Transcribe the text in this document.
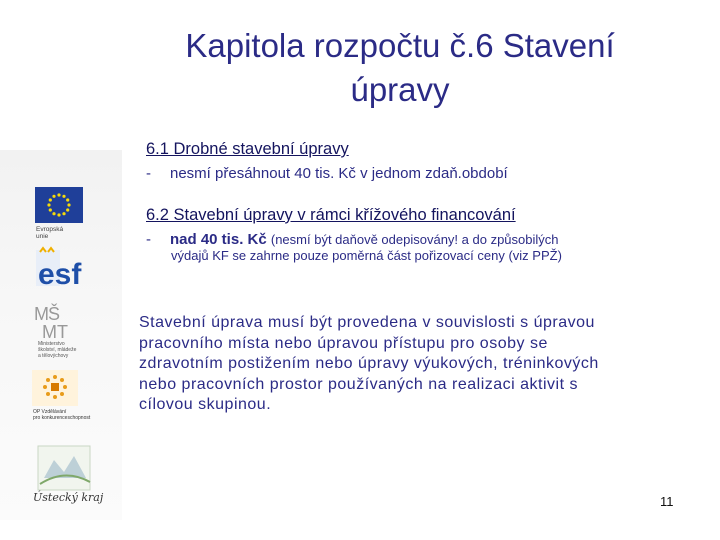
Kapitola rozpočtu č.6 Stavení
úpravy
Evropská
unie
esf
M Š
M T
Ministerstvo
školství, mládeže
a tělovýchovy
OP Vzdělávání
pro konkurenceschopnost
Ústecký kraj
6.1 Drobné stavební úpravy
- nesmí přesáhnout 40 tis. Kč v jednom zdaň.období
6.2 Stavební úpravy v rámci křížového financování
- nad 40 tis. Kč (nesmí být daňově odepisovány! a do způsobilých
výdajů KF se zahrne pouze poměrná část pořizovací ceny (viz PPŽ)
Stavební úprava musí být provedena v souvislosti s úpravou
pracovního místa nebo úpravou přístupu pro osoby se
zdravotním postižením nebo úpravy výukových, tréninkových
nebo pracovních prostor používaných na realizaci aktivit s
cílovou skupinou.
11
